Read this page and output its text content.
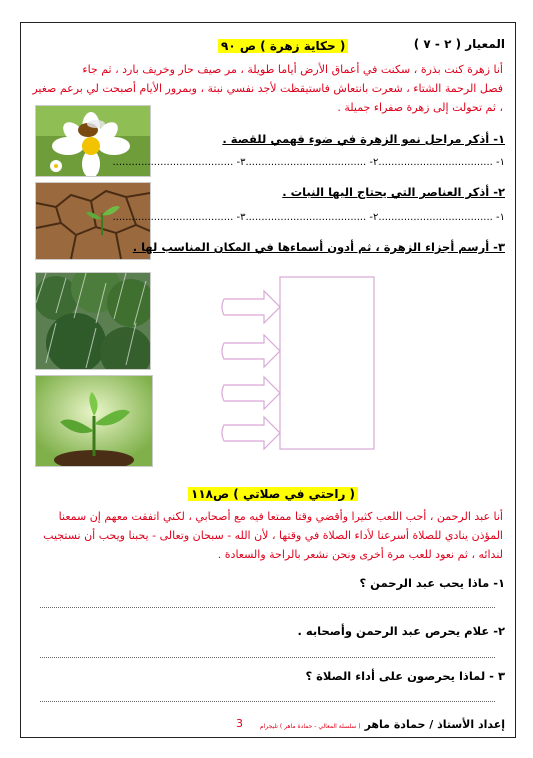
المعيار ( ٢ - ٧ )
( حكاية زهرة ) ص ٩٠
أنا زهرة كنت بذرة ، سكنت في أعماق الأرض أياما طويلة ، مر صيف حار وخريف بارد ، ثم جاء
فصل الرحمة الشتاء ، شعرت بانتعاش فاستيقظت لأجد نفسي نبتة ، وبمرور الأيام أصبحت لي برعم صغير
، ثم تحولت إلى زهرة صفراء جميلة .
١- أذكر مراحل نمو الزهرة في ضوء فهمي للقصة .
١- ....................................
٢- ......................................
٣- ......................................
٢- أذكر العناصر التي يحتاج اليها النبات .
١- ....................................
٢- ......................................
٣- ......................................
٣- أرسم أجزاء الزهرة ، ثم أدون أسماءها في المكان المناسب لها .
( راحتي في صلاتي ) ص١١٨
أنا عبد الرحمن ، أحب اللعب كثيرا وأقضي وقتا ممتعا فيه مع أصحابي ، لكني اتفقت معهم إن سمعنا
المؤذن ينادي للصلاة أسرعنا لأداء الصلاة في وقتها ، لأن الله - سبحان وتعالى - يحبنا ويحب أن نستجيب
لندائه ، ثم نعود للعب مرة أخرى ونحن نشعر بالراحة والسعادة .
١- ماذا يحب عبد الرحمن ؟
٢- علام يحرص عبد الرحمن وأصحابه .
٣ - لماذا يحرصون على أداء الصلاة ؟
إعداد الأستاذ / حمادة ماهر( سلسلة المعالي - حمادة ماهر ) تليجرام
3
